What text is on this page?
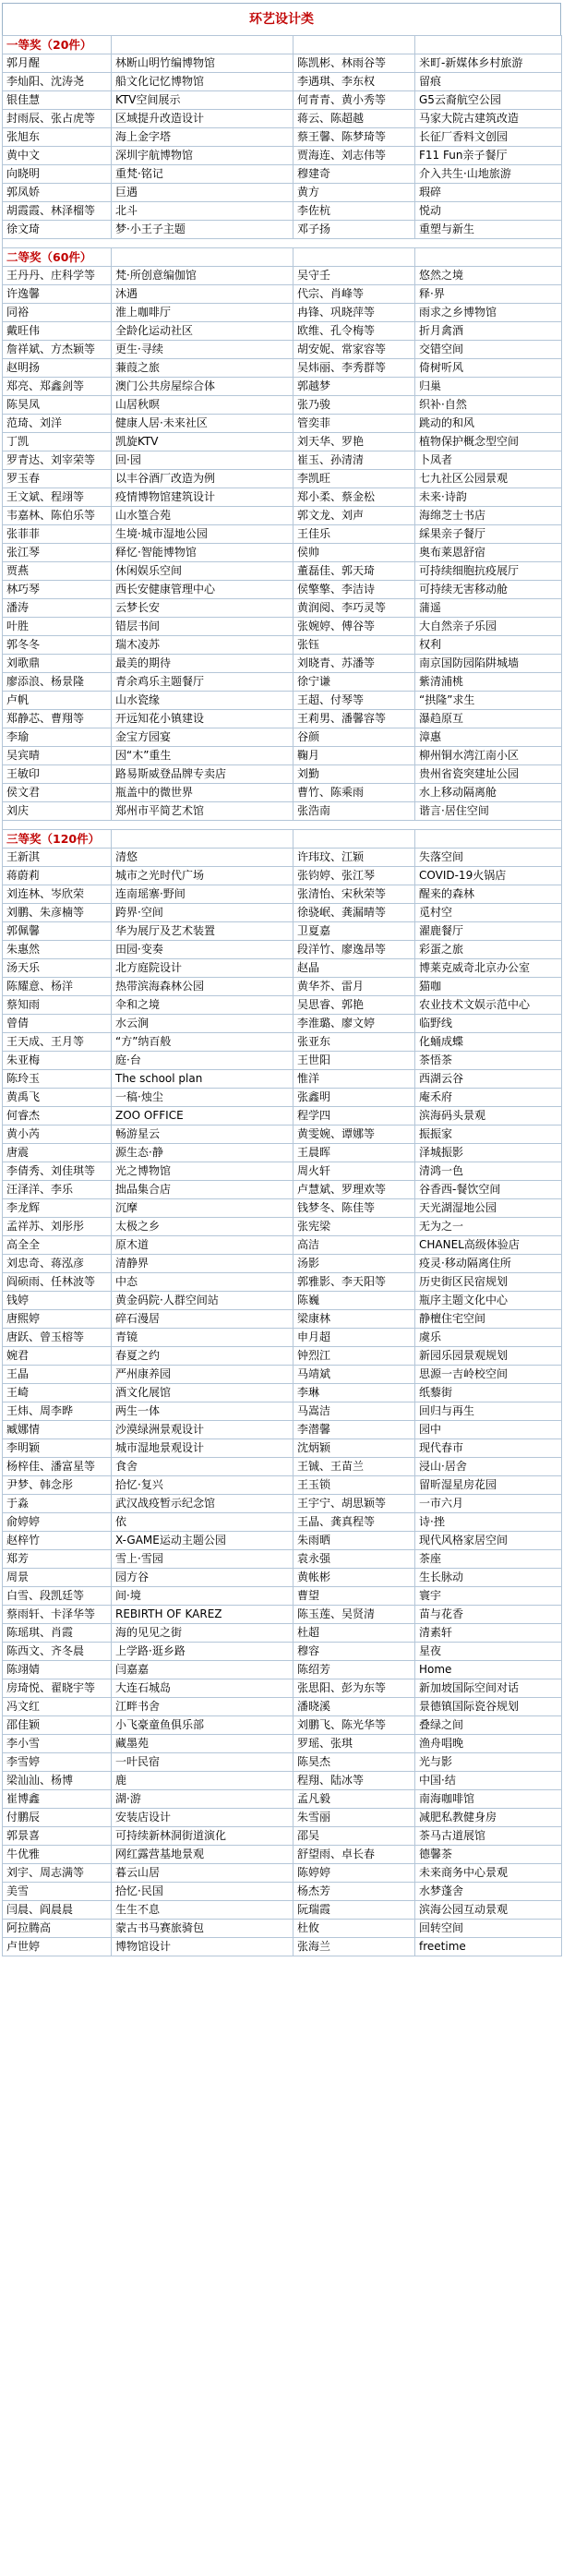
环艺设计类
一等奖（20件）			
郭月醒	林断山明竹编博物馆	陈凯彬、林雨谷等	米町-新媒体乡村旅游
李灿阳、沈涛尧	船文化记忆博物馆	李遇琪、李东权	留痕
银佳慧	KTV空间展示	何青青、黄小秀等	G5云裔航空公园
封雨辰、张占虎等	区域提升改造设计	蒋云、陈超越	马家大院古建筑改造
张旭东	海上金字塔	蔡王馨、陈梦琦等	长征厂香料文创园
黄中文	深圳宇航博物馆	贾海连、刘志伟等	F11 Fun亲子餐厅
向晓明	重梵·铭记	穆建奇	介入共生·山地旅游
郭凤娇	巨遇	黄方	瑕碎
胡霞霞、林泽榴等	北斗	李佐杭	悦动
徐文琦	梦·小王子主题	邓子扬	重塑与新生

二等奖（60件）			
王丹丹、庄科学等	梵·所创意编伽馆	吴守壬	悠然之境
许逸馨	沐遇	代宗、肖峰等	释·界
同裕	淮上咖啡厅	冉锋、巩晓萍等	雨求之乡博物馆
戴旺伟	全龄化运动社区	欧维、孔令梅等	折月禽酒
詹祥斌、方杰颖等	更生·寻续	胡安妮、常家容等	交错空间
赵明扬	蒹葭之旅	吴炜丽、李秀群等	倚树听风
郑亮、郑鑫剑等	澳门公共房屋综合体	郭越梦	归巢
陈昊凤	山居秋暝	张乃骏	织补·自然
范琦、刘洋	健康人居·未来社区	管奕菲	跳动的和风
丁凯	凯旋KTV	刘天华、罗艳	植物保护概念型空间
罗青达、刘宰荣等	回·园	崔玉、孙清清	卜凤者
罗玉春	以丰谷酒厂改造为例	李凯旺	七九社区公园景观
王文斌、程翊等	疫情博物馆建筑设计	郑小柔、蔡金松	未来·诗韵
韦嘉林、陈伯乐等	山水篁合苑	郭文龙、刘声	海绵芝士书店
张菲菲	生境·城市湿地公园	王佳乐	綵果亲子餐厅
张江琴	释忆·智能博物馆	侯帅	奥布莱恩舒宿
贾燕	休闲娱乐空间	董磊佳、郭天琦	可持续细胞抗疫展厅
林巧琴	西长安健康管理中心	侯擎擎、李洁诗	可持续无害移动舱
潘涛	云梦长安	黄润阅、李巧灵等	蒲遥
叶胜	错层书间	张婉婷、傅谷等	大自然亲子乐园
郭冬冬	瑞木凌苏	张钰	权利
刘歌鼎	最美的期待	刘晓青、苏潘等	南京国防园陷阱城墙
廖添浪、杨景隆	青余鸡乐主题餐厅	徐宁谦	紫清浦桃
卢帆	山水瓷缘	王超、付琴等	“拱隆”求生
郑静芯、曹翔等	开远知花小镇建设	王莉男、潘馨容等	瀑趋原互
李瑜	金宝方园宴	谷颜	漳惠
吴宾晴	因“木”重生	鞠月	柳州铜水湾江南小区
王敏印	路易斯威登品牌专卖店	刘勤	贵州省瓷突建址公园
侯文君	瓶盖中的微世界	曹竹、陈乘雨	水上移动隔离舱
刘庆	郑州市平简艺术馆	张浩南	谐言·居住空间

三等奖（120件）			
王新淇	清悠	许玮玟、江颖	失落空间
蒋蔚莉	城市之光时代广场	张钧婷、张江琴	COVID-19火锅店
刘连林、岑欣荣	连南瑶寨·野间	张清怡、宋秋荣等	醒来的森林
刘鹏、朱彦楠等	跨界·空间	徐骁岷、龚漏晴等	觅村空
郭佩馨	华为展厅及艺术装置	卫夏嘉	濯鹿餐厅
朱惠然	田园·变奏	段洋竹、廖逸昂等	彩蛋之旅
汤天乐	北方庭院设计	赵晶	博莱克威奇北京办公室
陈耀意、杨洋	热带滨海森林公园	黄华芥、雷月	猫咖
蔡知雨	伞和之境	吴思睿、郭艳	农业技术文娱示范中心
曾倩	水云涧	李淮璐、廖文婷	临野线
王天成、王月等	“方”纳百般	张亚东	化蛹成蝶
朱亚梅	庭·台	王世阳	茶悟茶
陈玲玉	The school plan	惟洋	西湖云谷
黄禹飞	一稿·烛尘	张鑫明	庵禾府
何睿杰	ZOO OFFICE	程学四	滨海码头景观
黄小芮	畅游星云	黄雯婉、谭娜等	振振家
唐震	源生态·静	王晨晖	泽城振影
李倩秀、刘佳琪等	光之博物馆	周火轩	清鸿一色
汪泽洋、李乐	拙品集合店	卢慧斌、罗理欢等	谷香西-餐饮空间
李龙辉	沉摩	钱梦冬、陈佳等	天光湖湿地公园
孟祥苏、刘彤彤	太极之乡	张宪梁	无为之一
高全全	原木道	高洁	CHANEL高级体验店
刘忠奇、蒋泓彦	清静界	汤影	疫灵·移动隔离住所
阎硕雨、任林波等	中态	郭雅影、李天阳等	历史街区民宿规划
钱婷	黄金码院·人群空间站	陈巍	瓶序主题文化中心
唐熙婷	碎石漫居	梁康林	静檀住宅空间
唐跃、曾玉榕等	青镜	申月超	虞乐
婉君	春夏之约	钟烈江	新园乐园景观规划
王晶	严州康养园	马靖斌	思源一吉岭校空间
王崎	酒文化展馆	李琳	纸藜街
王炜、周李晔	两生一体	马嵩洁	回归与再生
臧娜情	沙漠绿洲景观设计	李潜馨	园中
李明颖	城市湿地景观设计	沈炳颖	现代春市
杨梓佳、潘富星等	食舍	王铖、王苗兰	浸山·居舍
尹梦、韩念彤	拾忆·复兴	王玉锁	留昕湿星房花园
于淼	武汉战疫暂示纪念馆	王宇宁、胡思颖等	一市六月
俞婷婷	依	王晶、龚真程等	诗·挫
赵梓竹	X-GAME运动主题公园	朱雨晒	现代风格家居空间
郑芳	雪上·雪园	袁永强	茶座
周景	园方谷	黄帐彬	生长脉动
白雪、段凯廷等	间·境	曹望	寰宇
蔡雨轩、卡泽华等	REBIRTH OF KAREZ	陈玉莲、吴贤清	苗与花香
陈瑶琪、肖霞	海的见见之街	杜超	清素轩
陈西文、齐冬晨	上学路·逛乡路	穆容	星夜
陈翊婧	闫嘉嘉	陈绍芳	Home
房琦悦、翟晓宇等	大连石城岛	张思阳、彭为东等	新加坡国际空间对话
冯文红	江畔书舍	潘晓溪	景德镇国际瓷谷规划
邵佳颖	小飞豪童鱼俱乐部	刘鹏飞、陈光华等	叠绿之间
李小雪	藏墨苑	罗瑶、张琪	渔舟唱晚
李雪婷	一叶民宿	陈昊杰	光与影
梁汕汕、杨博	鹿	程翔、陆冰等	中国·结
崔博鑫	湖·游	孟凡毅	南海咖啡馆
付鹏辰	安装店设计	朱雪丽	减肥私教健身房
郭景喜	可持续新林洞街道演化	邵吴	茶马古道展馆
牛优雅	网红露营基地景观	舒望雨、卓长春	德馨茶
刘宇、周志满等	暮云山居	陈婷婷	未来商务中心景观
美雪	拾忆·民国	杨杰芳	水梦蓬舍
闫晨、阎晨晨	生生不息	阮瑞霞	滨海公园互动景观
阿拉腾高	蒙古书马赛旅骑包	杜攸	回转空间
卢世婷	博物馆设计	张海兰	freetime
